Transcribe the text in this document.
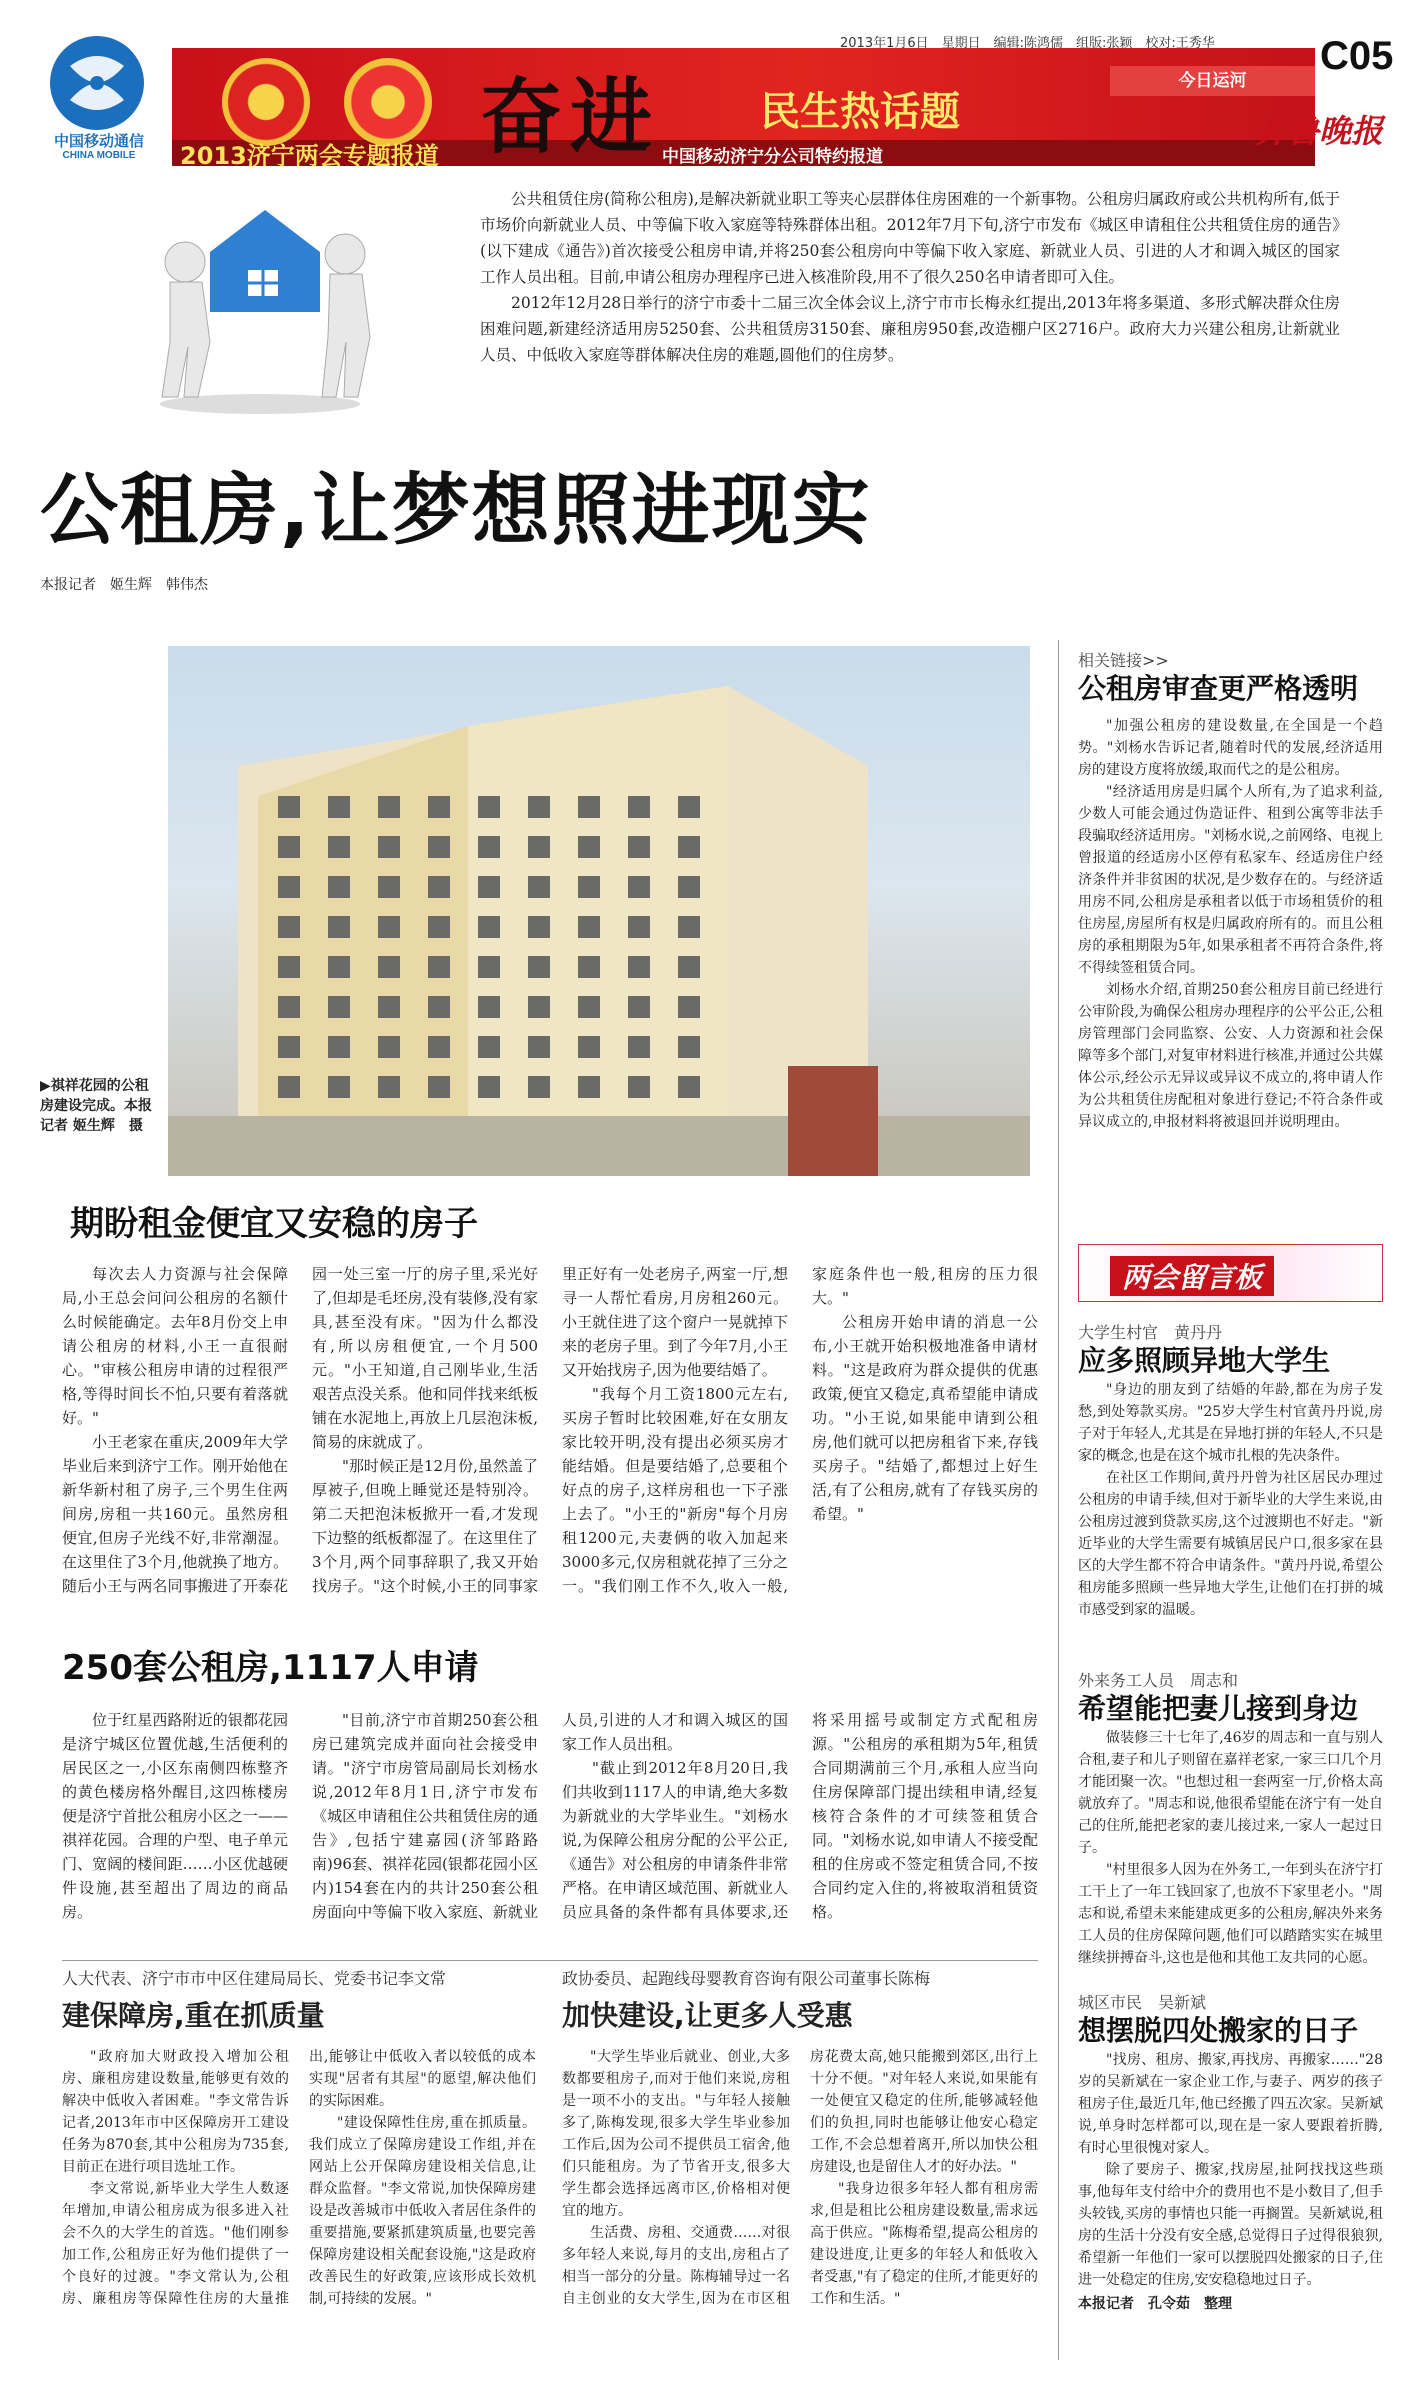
中国移动通信
CHINA MOBILE	2013济宁两会专题报道 奋进 民生热话题
中国移动济宁分公司特约报道
2013年1月6日　星期日　编辑:陈鸿儒　组版:张颖　校对:王秀华
今日运河
C05
齐鲁晚报

公共租赁住房(简称公租房),是解决新就业职工等夹心层群体住房困难的一个新事物。公租房归属政府或公共机构所有,低于市场价向新就业人员、中等偏下收入家庭等特殊群体出租。2012年7月下旬,济宁市发布《城区申请租住公共租赁住房的通告》(以下建成《通告》)首次接受公租房申请,并将250套公租房向中等偏下收入家庭、新就业人员、引进的人才和调入城区的国家工作人员出租。目前,申请公租房办理程序已进入核准阶段,用不了很久250名申请者即可入住。

2012年12月28日举行的济宁市委十二届三次全体会议上,济宁市市长梅永红提出,2013年将多渠道、多形式解决群众住房困难问题,新建经济适用房5250套、公共租赁房3150套、廉租房950套,改造棚户区2716户。政府大力兴建公租房,让新就业人员、中低收入家庭等群体解决住房的难题,圆他们的住房梦。

公租房,让梦想照进现实
本报记者　姬生辉　韩伟杰
▶祺祥花园的公租房建设完成。本报记者 姬生辉　摄
期盼租金便宜又安稳的房子

每次去人力资源与社会保障局,小王总会问问公租房的名额什么时候能确定。去年8月份交上申请公租房的材料,小王一直很耐心。"审核公租房申请的过程很严格,等得时间长不怕,只要有着落就好。"

小王老家在重庆,2009年大学毕业后来到济宁工作。刚开始他在新华新村租了房子,三个男生住两间房,房租一共160元。虽然房租便宜,但房子光线不好,非常潮湿。在这里住了3个月,他就换了地方。随后小王与两名同事搬进了开泰花园一处三室一厅的房子里,采光好了,但却是毛坯房,没有装修,没有家具,甚至没有床。"因为什么都没有,所以房租便宜,一个月500元。"小王知道,自己刚毕业,生活艰苦点没关系。他和同伴找来纸板铺在水泥地上,再放上几层泡沫板,简易的床就成了。

"那时候正是12月份,虽然盖了厚被子,但晚上睡觉还是特别冷。第二天把泡沫板掀开一看,才发现下边整的纸板都湿了。在这里住了3个月,两个同事辞职了,我又开始找房子。"这个时候,小王的同事家里正好有一处老房子,两室一厅,想寻一人帮忙看房,月房租260元。小王就住进了这个窗户一晃就掉下来的老房子里。到了今年7月,小王又开始找房子,因为他要结婚了。

"我每个月工资1800元左右,买房子暂时比较困难,好在女朋友家比较开明,没有提出必须买房才能结婚。但是要结婚了,总要租个好点的房子,这样房租也一下子涨上去了。"小王的"新房"每个月房租1200元,夫妻俩的收入加起来3000多元,仅房租就花掉了三分之一。"我们刚工作不久,收入一般,家庭条件也一般,租房的压力很大。"

公租房开始申请的消息一公布,小王就开始积极地准备申请材料。"这是政府为群众提供的优惠政策,便宜又稳定,真希望能申请成功。"小王说,如果能申请到公租房,他们就可以把房租省下来,存钱买房子。"结婚了,都想过上好生活,有了公租房,就有了存钱买房的希望。"

250套公租房,1117人申请

位于红星西路附近的银都花园是济宁城区位置优越,生活便利的居民区之一,小区东南侧四栋整齐的黄色楼房格外醒目,这四栋楼房便是济宁首批公租房小区之一——祺祥花园。合理的户型、电子单元门、宽阔的楼间距……小区优越硬件设施,甚至超出了周边的商品房。

"目前,济宁市首期250套公租房已建筑完成并面向社会接受申请。"济宁市房管局副局长刘杨水说,2012年8月1日,济宁市发布《城区申请租住公共租赁住房的通告》,包括宁建嘉园(济邹路路南)96套、祺祥花园(银都花园小区内)154套在内的共计250套公租房面向中等偏下收入家庭、新就业人员,引进的人才和调入城区的国家工作人员出租。

"截止到2012年8月20日,我们共收到1117人的申请,绝大多数为新就业的大学毕业生。"刘杨水说,为保障公租房分配的公平公正,《通告》对公租房的申请条件非常严格。在申请区域范围、新就业人员应具备的条件都有具体要求,还将采用摇号或制定方式配租房源。"公租房的承租期为5年,租赁合同期满前三个月,承租人应当向住房保障部门提出续租申请,经复核符合条件的才可续签租赁合同。"刘杨水说,如申请人不接受配租的住房或不签定租赁合同,不按合同约定入住的,将被取消租赁资格。

人大代表、济宁市市中区住建局局长、党委书记李文常
建保障房,重在抓质量

"政府加大财政投入增加公租房、廉租房建设数量,能够更有效的解决中低收入者困难。"李文常告诉记者,2013年市中区保障房开工建设任务为870套,其中公租房为735套,目前正在进行项目选址工作。

李文常说,新毕业大学生人数逐年增加,申请公租房成为很多进入社会不久的大学生的首选。"他们刚参加工作,公租房正好为他们提供了一个良好的过渡。"李文常认为,公租房、廉租房等保障性住房的大量推出,能够让中低收入者以较低的成本实现"居者有其屋"的愿望,解决他们的实际困难。

"建设保障性住房,重在抓质量。我们成立了保障房建设工作组,并在网站上公开保障房建设相关信息,让群众监督。"李文常说,加快保障房建设是改善城市中低收入者居住条件的重要措施,要紧抓建筑质量,也要完善保障房建设相关配套设施,"这是政府改善民生的好政策,应该形成长效机制,可持续的发展。"

政协委员、起跑线母婴教育咨询有限公司董事长陈梅
加快建设,让更多人受惠

"大学生毕业后就业、创业,大多数都要租房子,而对于他们来说,房租是一项不小的支出。"与年轻人接触多了,陈梅发现,很多大学生毕业参加工作后,因为公司不提供员工宿舍,他们只能租房。为了节省开支,很多大学生都会选择远离市区,价格相对便宜的地方。

生活费、房租、交通费……对很多年轻人来说,每月的支出,房租占了相当一部分的分量。陈梅辅导过一名自主创业的女大学生,因为在市区租房花费太高,她只能搬到郊区,出行上十分不便。"对年轻人来说,如果能有一处便宜又稳定的住所,能够减轻他们的负担,同时也能够让他安心稳定工作,不会总想着离开,所以加快公租房建设,也是留住人才的好办法。"

"我身边很多年轻人都有租房需求,但是租比公租房建设数量,需求远高于供应。"陈梅希望,提高公租房的建设进度,让更多的年轻人和低收入者受惠,"有了稳定的住所,才能更好的工作和生活。"

相关链接>>
公租房审查更严格透明

"加强公租房的建设数量,在全国是一个趋势。"刘杨水告诉记者,随着时代的发展,经济适用房的建设方度将放缓,取而代之的是公租房。

"经济适用房是归属个人所有,为了追求利益,少数人可能会通过伪造证件、租到公寓等非法手段骗取经济适用房。"刘杨水说,之前网络、电视上曾报道的经适房小区停有私家车、经适房住户经济条件并非贫困的状况,是少数存在的。与经济适用房不同,公租房是承租者以低于市场租赁价的租住房屋,房屋所有权是归属政府所有的。而且公租房的承租期限为5年,如果承租者不再符合条件,将不得续签租赁合同。

刘杨水介绍,首期250套公租房目前已经进行公审阶段,为确保公租房办理程序的公平公正,公租房管理部门会同监察、公安、人力资源和社会保障等多个部门,对复审材料进行核准,并通过公共媒体公示,经公示无异议或异议不成立的,将申请人作为公共租赁住房配租对象进行登记;不符合条件或异议成立的,申报材料将被退回并说明理由。

两会留言板
大学生村官　黄丹丹
应多照顾异地大学生

"身边的朋友到了结婚的年龄,都在为房子发愁,到处筹款买房。"25岁大学生村官黄丹丹说,房子对于年轻人,尤其是在异地打拼的年轻人,不只是家的概念,也是在这个城市扎根的先决条件。

在社区工作期间,黄丹丹曾为社区居民办理过公租房的申请手续,但对于新毕业的大学生来说,由公租房过渡到贷款买房,这个过渡期也不好走。"新近毕业的大学生需要有城镇居民户口,很多家在县区的大学生都不符合申请条件。"黄丹丹说,希望公租房能多照顾一些异地大学生,让他们在打拼的城市感受到家的温暖。

外来务工人员　周志和
希望能把妻儿接到身边

做装修三十七年了,46岁的周志和一直与别人合租,妻子和儿子则留在嘉祥老家,一家三口几个月才能团聚一次。"也想过租一套两室一厅,价格太高就放弃了。"周志和说,他很希望能在济宁有一处自己的住所,能把老家的妻儿接过来,一家人一起过日子。

"村里很多人因为在外务工,一年到头在济宁打工干上了一年工钱回家了,也放不下家里老小。"周志和说,希望未来能建成更多的公租房,解决外来务工人员的住房保障问题,他们可以踏踏实实在城里继续拼搏奋斗,这也是他和其他工友共同的心愿。

城区市民　吴新斌
想摆脱四处搬家的日子

"找房、租房、搬家,再找房、再搬家……"28岁的吴新斌在一家企业工作,与妻子、两岁的孩子租房子住,最近几年,他已经搬了四五次家。吴新斌说,单身时怎样都可以,现在是一家人要跟着折腾,有时心里很愧对家人。

除了要房子、搬家,找房屋,扯阿找找这些琐事,他每年支付给中介的费用也不是小数目了,但手头较钱,买房的事情也只能一再搁置。吴新斌说,租房的生活十分没有安全感,总觉得日子过得很狼狈,希望新一年他们一家可以摆脱四处搬家的日子,住进一处稳定的住房,安安稳稳地过日子。

本报记者　孔令茹　整理
